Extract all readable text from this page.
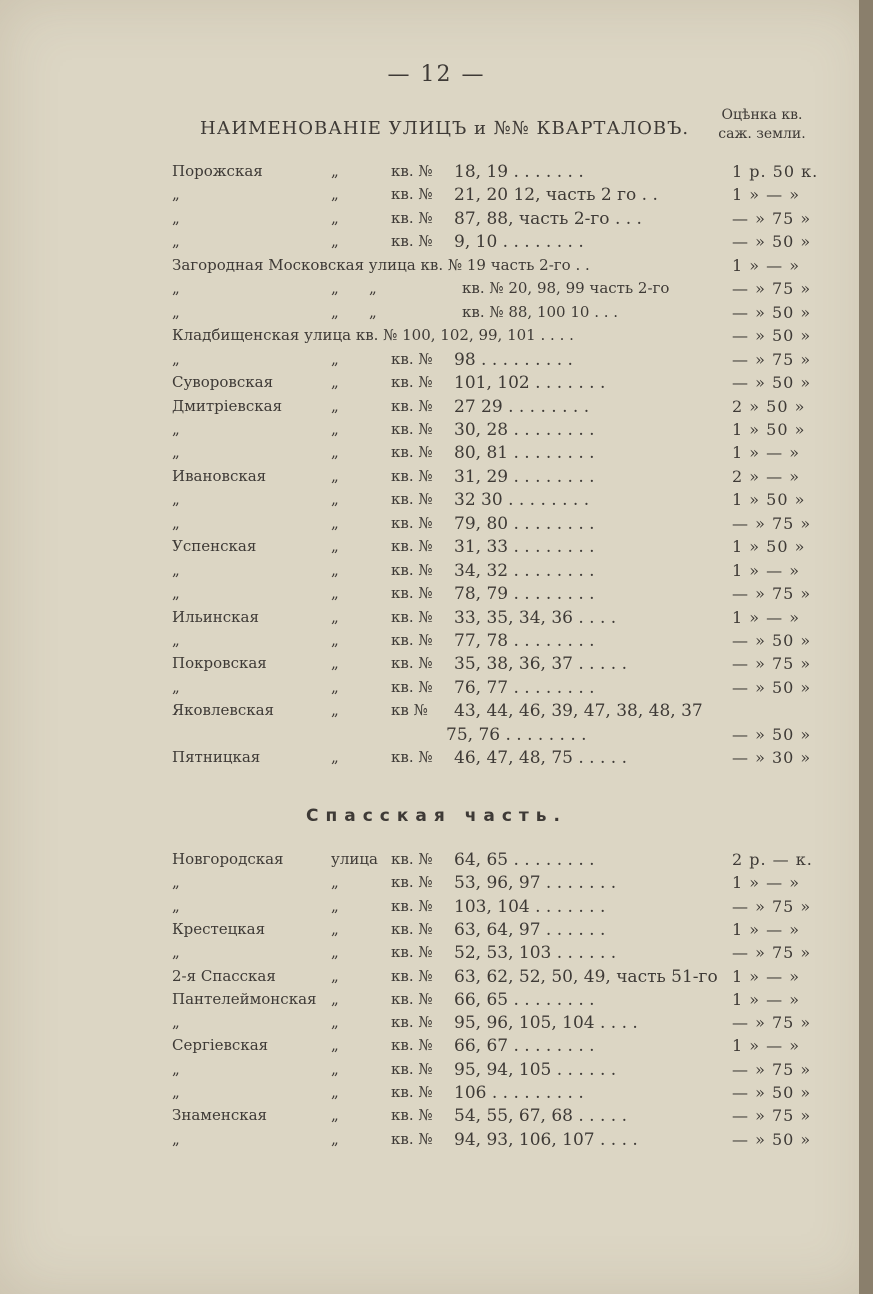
— 12 —
НАИМЕНОВАНІЕ УЛИЦЪ и №№ КВАРТАЛОВЪ.
Оцѣнка кв.
саж. земли.
Порожская	„	кв. № 18, 19 . . . . . . .	1 р. 50 к.
„	„	кв. № 21, 20 12, часть 2 го . .	1 » — »
„	„	кв. № 87, 88, часть 2-го . . .	— » 75 »
„	„	кв. № 9, 10 . . . . . . . .	— » 50 »
Загородная Московская улица кв. № 19 часть 2-го . .	1 » — »
„	„ „	кв. № 20, 98, 99 часть 2-го	— » 75 »
„	„ „	кв. № 88, 100 10 . . .	— » 50 »
Кладбищенская улица кв. № 100, 102, 99, 101 . . . .	— » 50 »
„	„	кв. № 98 . . . . . . . . .	— » 75 »
Суворовская	„	кв. № 101, 102 . . . . . . .	— » 50 »
Дмитріевская	„	кв. № 27 29 . . . . . . . .	2 » 50 »
„	„	кв. № 30, 28 . . . . . . . .	1 » 50 »
„	„	кв. № 80, 81 . . . . . . . .	1 » — »
Ивановская	„	кв. № 31, 29 . . . . . . . .	2 » — »
„	„	кв. № 32 30 . . . . . . . .	1 » 50 »
„	„	кв. № 79, 80 . . . . . . . .	— » 75 »
Успенская	„	кв. № 31, 33 . . . . . . . .	1 » 50 »
„	„	кв. № 34, 32 . . . . . . . .	1 » — »
„	„	кв. № 78, 79 . . . . . . . .	— » 75 »
Ильинская	„	кв. № 33, 35, 34, 36 . . . .	1 » — »
„	„	кв. № 77, 78 . . . . . . . .	— » 50 »
Покровская	„	кв. № 35, 38, 36, 37 . . . . .	— » 75 »
„	„	кв. № 76, 77 . . . . . . . .	— » 50 »
Яковлевская	„	кв № 43, 44, 46, 39, 47, 38, 48, 37
75, 76 . . . . . . . .	— » 50 »
Пятницкая	„	кв. № 46, 47, 48, 75 . . . . .	— » 30 »
Спасская часть.
Новгородская	улица кв. № 64, 65 . . . . . . . .	2 р. — к.
„	„	кв. № 53, 96, 97 . . . . . . .	1 » — »
„	„	кв. № 103, 104 . . . . . . .	— » 75 »
Крестецкая	„	кв. № 63, 64, 97 . . . . . .	1 » — »
„	„	кв. № 52, 53, 103 . . . . . .	— » 75 »
2-я Спасская	„	кв. № 63, 62, 52, 50, 49, часть 51-го 1 » — »
Пантелеймонская „	кв. № 66, 65 . . . . . . . .	1 » — »
„	„	кв. № 95, 96, 105, 104 . . . .	— » 75 »
Сергіевская	„	кв. № 66, 67 . . . . . . . .	1 » — »
„	„	кв. № 95, 94, 105 . . . . . .	— » 75 »
„	„	кв. № 106 . . . . . . . . .	— » 50 »
Знаменская	„	кв. № 54, 55, 67, 68 . . . . .	— » 75 »
„	„	кв. № 94, 93, 106, 107 . . . .	— » 50 »
